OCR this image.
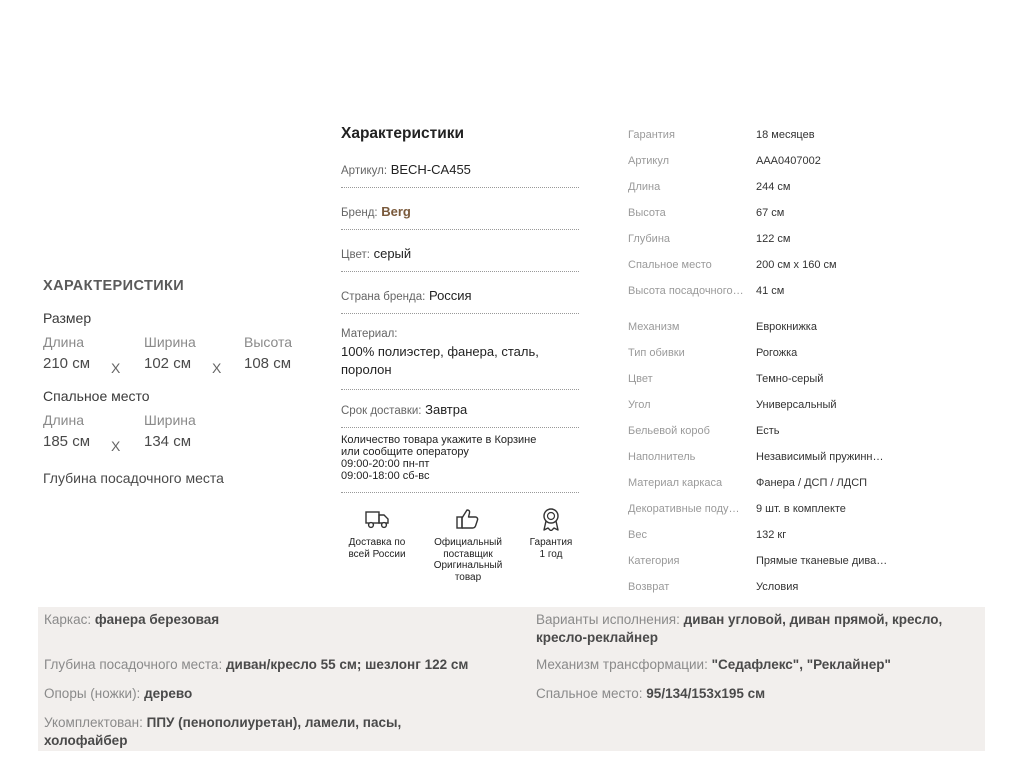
ХАРАКТЕРИСТИКИ
Размер
Длина
210 см X
Ширина
102 см	X
Высота
108 см
Спальное место
Длина
185 см X
Ширина
134 см
Глубина посадочного места
Характеристики
Артикул: BECH-CA455
Бренд: Berg
Цвет: серый
Страна бренда: Россия
Материал:
100% полиэстер, фанера, сталь, поролон
Срок доставки: Завтра
Количество товара укажите в Корзине
или сообщите оператору
09:00-20:00 пн-пт
09:00-18:00 сб-вс
Доставка по
всей России
Официальный
поставщик
Оригинальный
товар
Гарантия
1 год
Гарантия	18 месяцев
Артикул	AAA0407002
Длина	244 см
Высота	67 см
Глубина	122 см
Спальное место	200 см х 160 см
Высота посадочного…	41 см
Механизм	Еврокнижка
Тип обивки	Рогожка
Цвет	Темно-серый
Угол	Универсальный
Бельевой короб	Есть
Наполнитель	Независимый пружинн…
Материал каркаса	Фанера / ДСП / ЛДСП
Декоративные поду…	9 шт. в комплекте
Вес	132 кг
Категория	Прямые тканевые дива…
Возврат	Условия
Каркас: фанера березовая
Глубина посадочного места: диван/кресло 55 см; шезлонг 122 см
Опоры (ножки): дерево
Укомплектован: ППУ (пенополиуретан), ламели, пасы,
холофайбер
Варианты исполнения: диван угловой, диван прямой, кресло,
кресло-реклайнер
Механизм трансформации: "Седафлекс", "Реклайнер"
Спальное место: 95/134/153х195 см
